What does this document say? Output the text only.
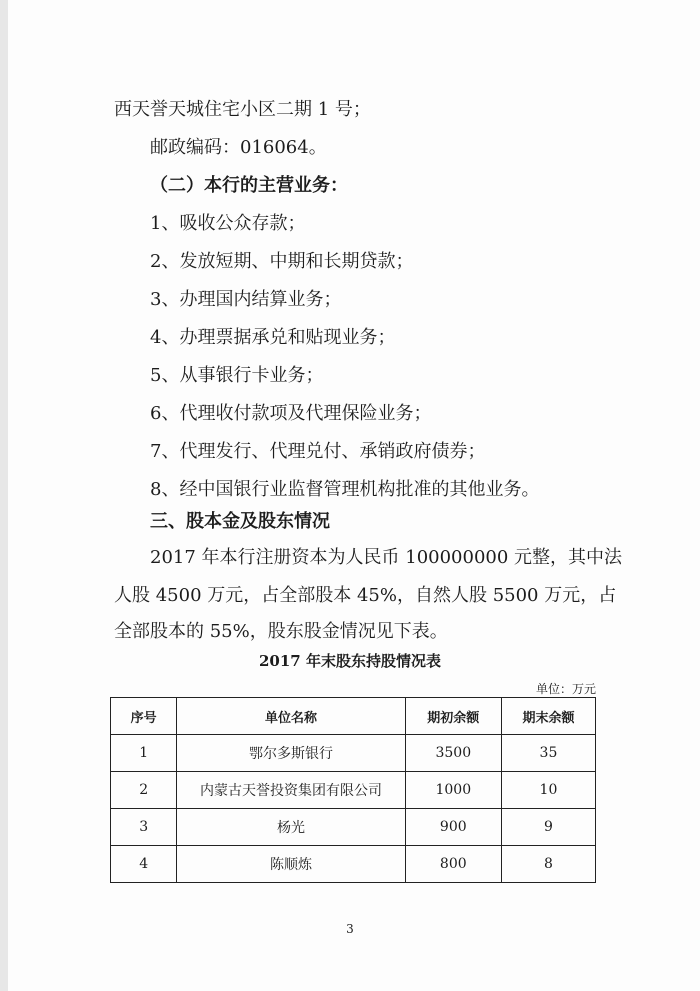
西天誉天城住宅小区二期 1 号；
邮政编码：016064。
（二）本行的主营业务：
1、吸收公众存款；
2、发放短期、中期和长期贷款；
3、办理国内结算业务；
4、办理票据承兑和贴现业务；
5、从事银行卡业务；
6、代理收付款项及代理保险业务；
7、代理发行、代理兑付、承销政府债券；
8、经中国银行业监督管理机构批准的其他业务。
三、股本金及股东情况
2017 年本行注册资本为人民币 100000000 元整，其中法
人股 4500 万元，占全部股本 45%，自然人股 5500 万元，占
全部股本的 55%，股东股金情况见下表。
2017 年末股东持股情况表
单位：万元
序号	单位名称	期初余额	期末余额
1	鄂尔多斯银行	3500	35
2	内蒙古天誉投资集团有限公司	1000	10
3	杨光	900	9
4	陈顺炼	800	8
3
